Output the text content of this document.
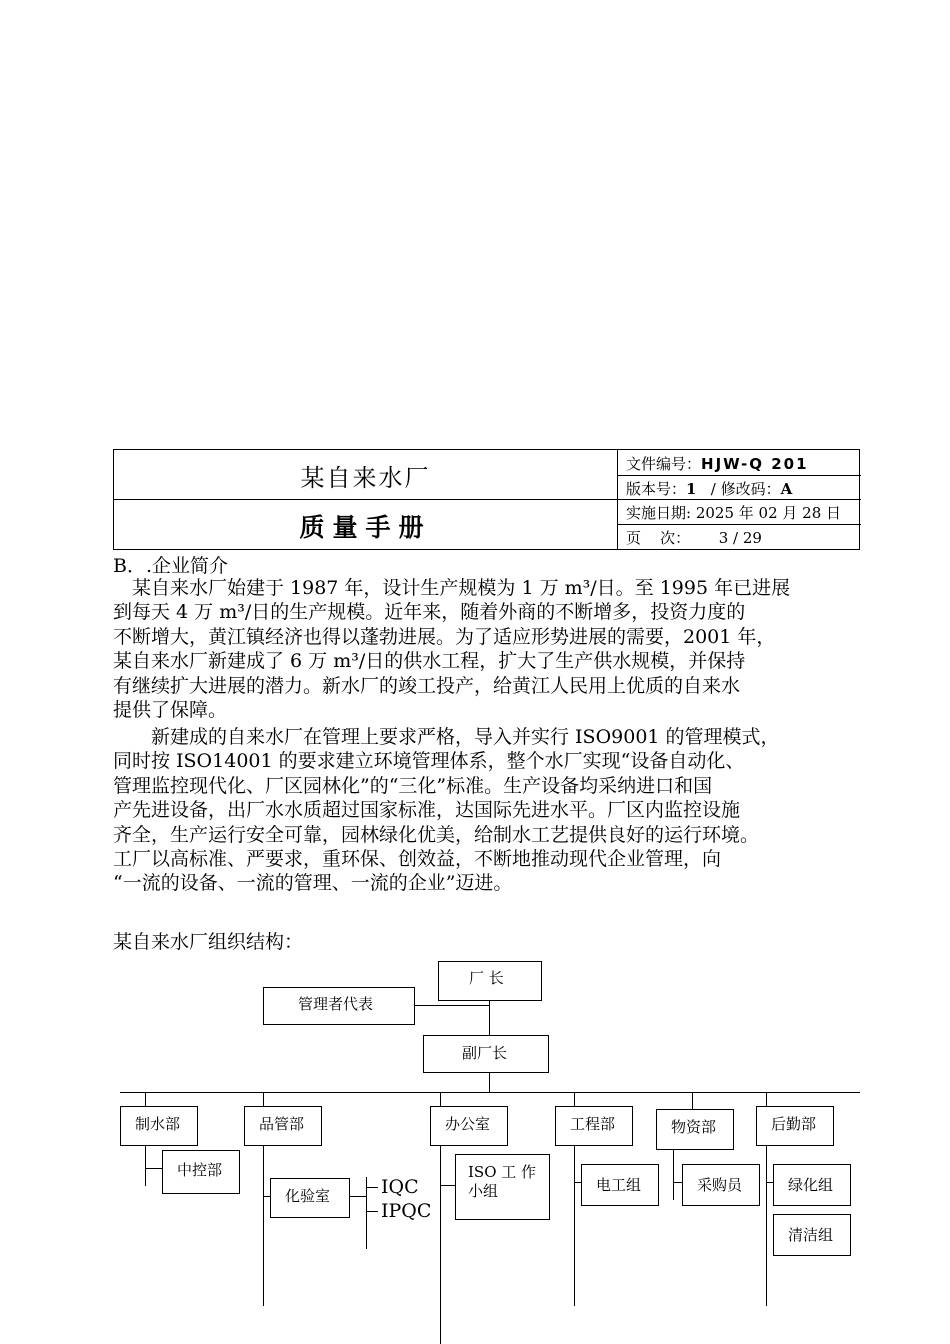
某自来水厂
质量手册
文件编号：HJW-Q 201
版本号：1 / 修改码：A
实施日期: 2025 年 02 月 28 日
页    次： 3 / 29
B．.企业简介
　某自来水厂始建于 1987 年，设计生产规模为 1 万 m³/日。至 1995 年已进展
到每天 4 万 m³/日的生产规模。近年来，随着外商的不断增多，投资力度的
不断增大，黄江镇经济也得以蓬勃进展。为了适应形势进展的需要，2001 年，
某自来水厂新建成了 6 万 m³/日的供水工程，扩大了生产供水规模，并保持
有继续扩大进展的潜力。新水厂的竣工投产，给黄江人民用上优质的自来水
提供了保障。
　　新建成的自来水厂在管理上要求严格，导入并实行 ISO9001 的管理模式，
同时按 ISO14001 的要求建立环境管理体系，整个水厂实现“设备自动化、
管理监控现代化、厂区园林化”的“三化”标准。生产设备均采纳进口和国
产先进设备，出厂水水质超过国家标准，达国际先进水平。厂区内监控设施
齐全，生产运行安全可靠，园林绿化优美，给制水工艺提供良好的运行环境。
工厂以高标准、严要求，重环保、创效益，不断地推动现代企业管理，向
“一流的设备、一流的管理、一流的企业”迈进。
某自来水厂组织结构：
厂 长
管理者代表
副厂长
制水部	品管部	办公室	工程部	物资部	后勤部
中控部
化验室	IQC
IPQC
ISO 工 作
小组	电工组	采购员	绿化组
清洁组
